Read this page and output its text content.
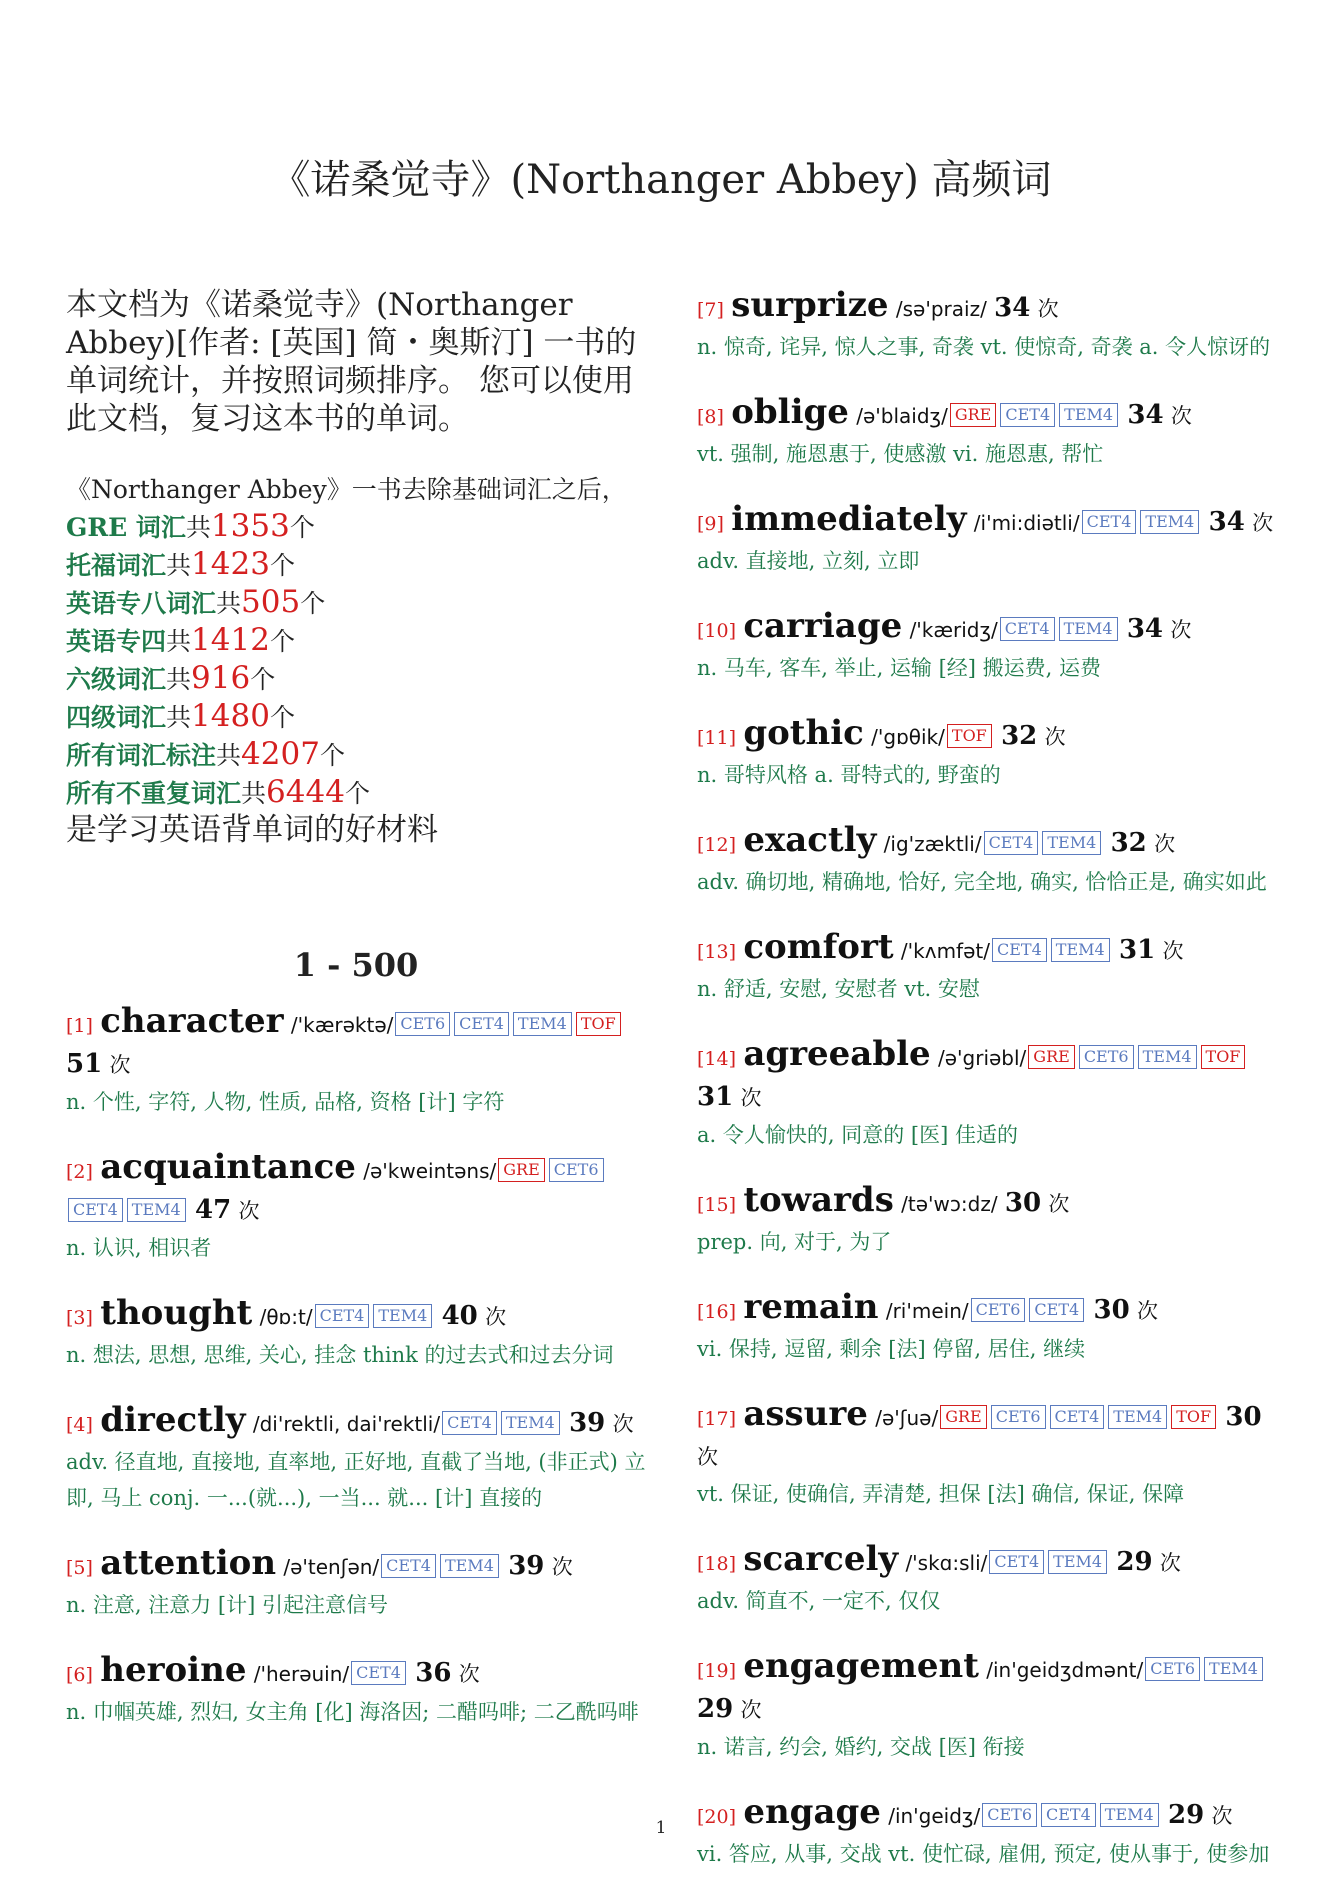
《诺桑觉寺》(Northanger Abbey) 高频词
本文档为《诺桑觉寺》(Northanger Abbey)[作者: [英国] 简・奥斯汀] 一书的单词统计，并按照词频排序。 您可以使用此文档，复习这本书的单词。
《Northanger Abbey》一书去除基础词汇之后，
GRE 词汇共1353个
托福词汇共1423个
英语专八词汇共505个
英语专四共1412个
六级词汇共916个
四级词汇共1480个
所有词汇标注共4207个
所有不重复词汇共6444个
是学习英语背单词的好材料
1 - 500
[1] character /'kærəktə/ CET6 CET4 TEM4 TOF 51 次
n. 个性, 字符, 人物, 性质, 品格, 资格 [计] 字符
[2] acquaintance /ə'kweintəns/ GRE CET6CET4 TEM4 47 次
n. 认识, 相识者
[3] thought /θɒ:t/ CET4 TEM4 40 次
n. 想法, 思想, 思维, 关心, 挂念 think 的过去式和过去分词
[4] directly /di'rektli, dai'rektli/ CET4 TEM4 39 次
adv. 径直地, 直接地, 直率地, 正好地, 直截了当地, (非正式) 立即, 马上 conj. 一...(就...), 一当... 就... [计] 直接的
[5] attention /ə'tenʃən/ CET4 TEM4 39 次
n. 注意, 注意力 [计] 引起注意信号
[6] heroine /'herəuin/ CET4 36 次
n. 巾帼英雄, 烈妇, 女主角 [化] 海洛因; 二醋吗啡; 二乙酰吗啡
[7] surprize /sə'praiz/ 34 次
n. 惊奇, 诧异, 惊人之事, 奇袭 vt. 使惊奇, 奇袭 a. 令人惊讶的
[8] oblige /ə'blaidʒ/ GRE CET4 TEM4 34 次
vt. 强制, 施恩惠于, 使感激 vi. 施恩惠, 帮忙
[9] immediately /i'mi:diətli/ CET4 TEM4 34 次
adv. 直接地, 立刻, 立即
[10] carriage /'kæridʒ/ CET4 TEM4 34 次
n. 马车, 客车, 举止, 运输 [经] 搬运费, 运费
[11] gothic /'gɒθik/ TOF 32 次
n. 哥特风格 a. 哥特式的, 野蛮的
[12] exactly /ig'zæktli/ CET4 TEM4 32 次
adv. 确切地, 精确地, 恰好, 完全地, 确实, 恰恰正是, 确实如此
[13] comfort /'kʌmfət/ CET4 TEM4 31 次
n. 舒适, 安慰, 安慰者 vt. 安慰
[14] agreeable /ə'griəbl/ GRE CET6 TEM4 TOF 31 次
a. 令人愉快的, 同意的 [医] 佳适的
[15] towards /tə'wɔ:dz/ 30 次
prep. 向, 对于, 为了
[16] remain /ri'mein/ CET6 CET4 30 次
vi. 保持, 逗留, 剩余 [法] 停留, 居住, 继续
[17] assure /ə'ʃuə/ GRE CET6 CET4 TEM4 TOF 30 次
vt. 保证, 使确信, 弄清楚, 担保 [法] 确信, 保证, 保障
[18] scarcely /'skɑ:sli/ CET4 TEM4 29 次
adv. 简直不, 一定不, 仅仅
[19] engagement /in'geidʒdmənt/ CET6 TEM4 29 次
n. 诺言, 约会, 婚约, 交战 [医] 衔接
[20] engage /in'geidʒ/ CET6 CET4 TEM4 29 次
vi. 答应, 从事, 交战 vt. 使忙碌, 雇佣, 预定, 使从事于, 使参加
1
